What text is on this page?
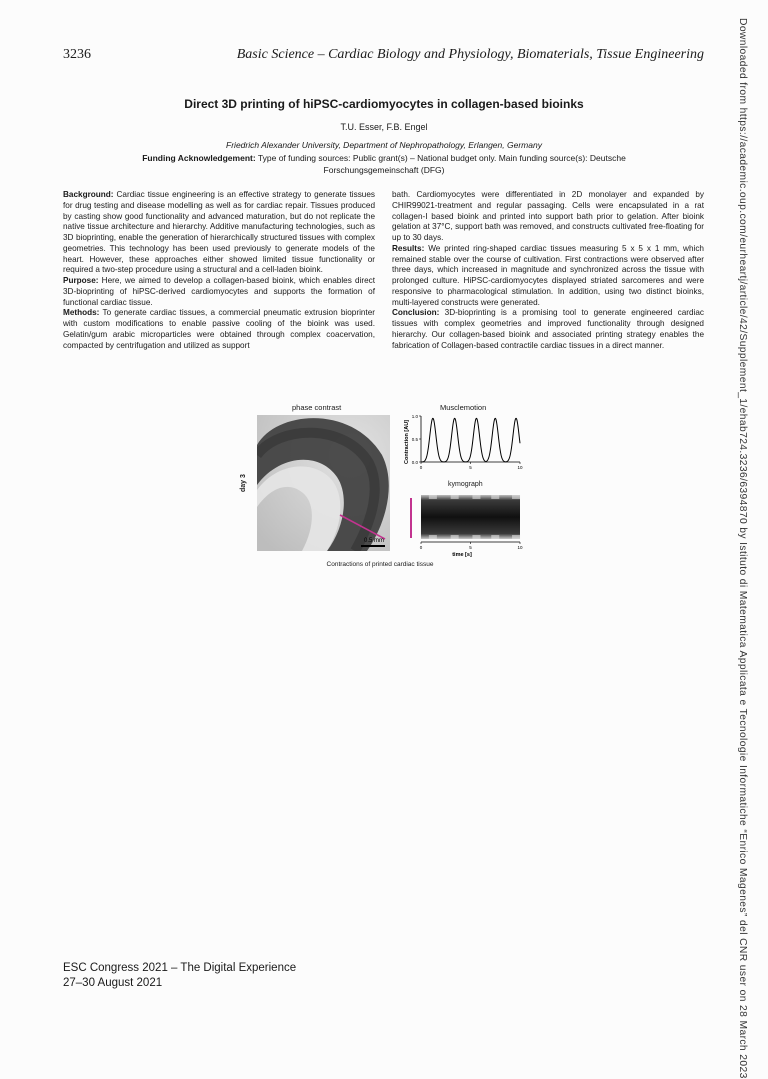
3236	Basic Science – Cardiac Biology and Physiology, Biomaterials, Tissue Engineering	Downloaded from https://academic.oup.com/eurheartj/article/42/Supplement_1/ehab724.3236/6394870 by Istituto di Matematica Applicata e Tecnologie Informatiche “Enrico Magenes” del CNR user on 28 March 2023
Direct 3D printing of hiPSC-cardiomyocytes in collagen-based bioinks
T.U. Esser, F.B. Engel
Friedrich Alexander University, Department of Nephropathology, Erlangen, Germany
Funding Acknowledgement: Type of funding sources: Public grant(s) – National budget only. Main funding source(s): Deutsche Forschungsgemeinschaft (DFG)

Background: Cardiac tissue engineering is an effective strategy to generate tissues for drug testing and disease modelling as well as for cardiac repair. Tissues produced by casting show good functionality and advanced maturation, but do not replicate the native tissue architecture and hierarchy. Additive manufacturing technologies, such as 3D bioprinting, enable the generation of hierarchically structured tissues with complex geometries. This technology has been used previously to generate models of the heart. However, these approaches either showed limited tissue functionality or required a two-step procedure using a structural and a cell-laden bioink.

Purpose: Here, we aimed to develop a collagen-based bioink, which enables direct 3D-bioprinting of hiPSC-derived cardiomyocytes and supports the formation of functional cardiac tissue.

Methods: To generate cardiac tissues, a commercial pneumatic extrusion bioprinter with custom modifications to enable passive cooling of the bioink was used. Gelatin/gum arabic microparticles were obtained through complex coacervation, compacted by centrifugation and utilized as support

bath. Cardiomyocytes were differentiated in 2D monolayer and expanded by CHIR99021-treatment and regular passaging. Cells were encapsulated in a rat collagen-I based bioink and printed into support bath prior to gelation. After bioink gelation at 37°C, support bath was removed, and constructs cultivated free-floating for up to 30 days.

Results: We printed ring-shaped cardiac tissues measuring 5 x 5 x 1 mm, which remained stable over the course of cultivation. First contractions were observed after three days, which increased in magnitude and synchronized across the tissue with prolonged culture. HiPSC-cardiomyocytes displayed striated sarcomeres and were responsive to pharmacological stimulation. In addition, using two distinct bioinks, multi-layered constructs were generated.

Conclusion: 3D-bioprinting is a promising tool to generate engineered cardiac tissues with complex geometries and improved functionality through designed hierarchy. Our collagen-based bioink and associated printing strategy enables the fabrication of Collagen-based contractile cardiac tissues in a direct manner.

phase contrast
day 3
0.5 mm
Musclemotion
0.0
0.5
1.0
0	5	10
Contraction [AU]
kymograph
0	5	10
time [s]
Contractions of printed cardiac tissue
ESC Congress 2021 – The Digital Experience
27–30 August 2021
